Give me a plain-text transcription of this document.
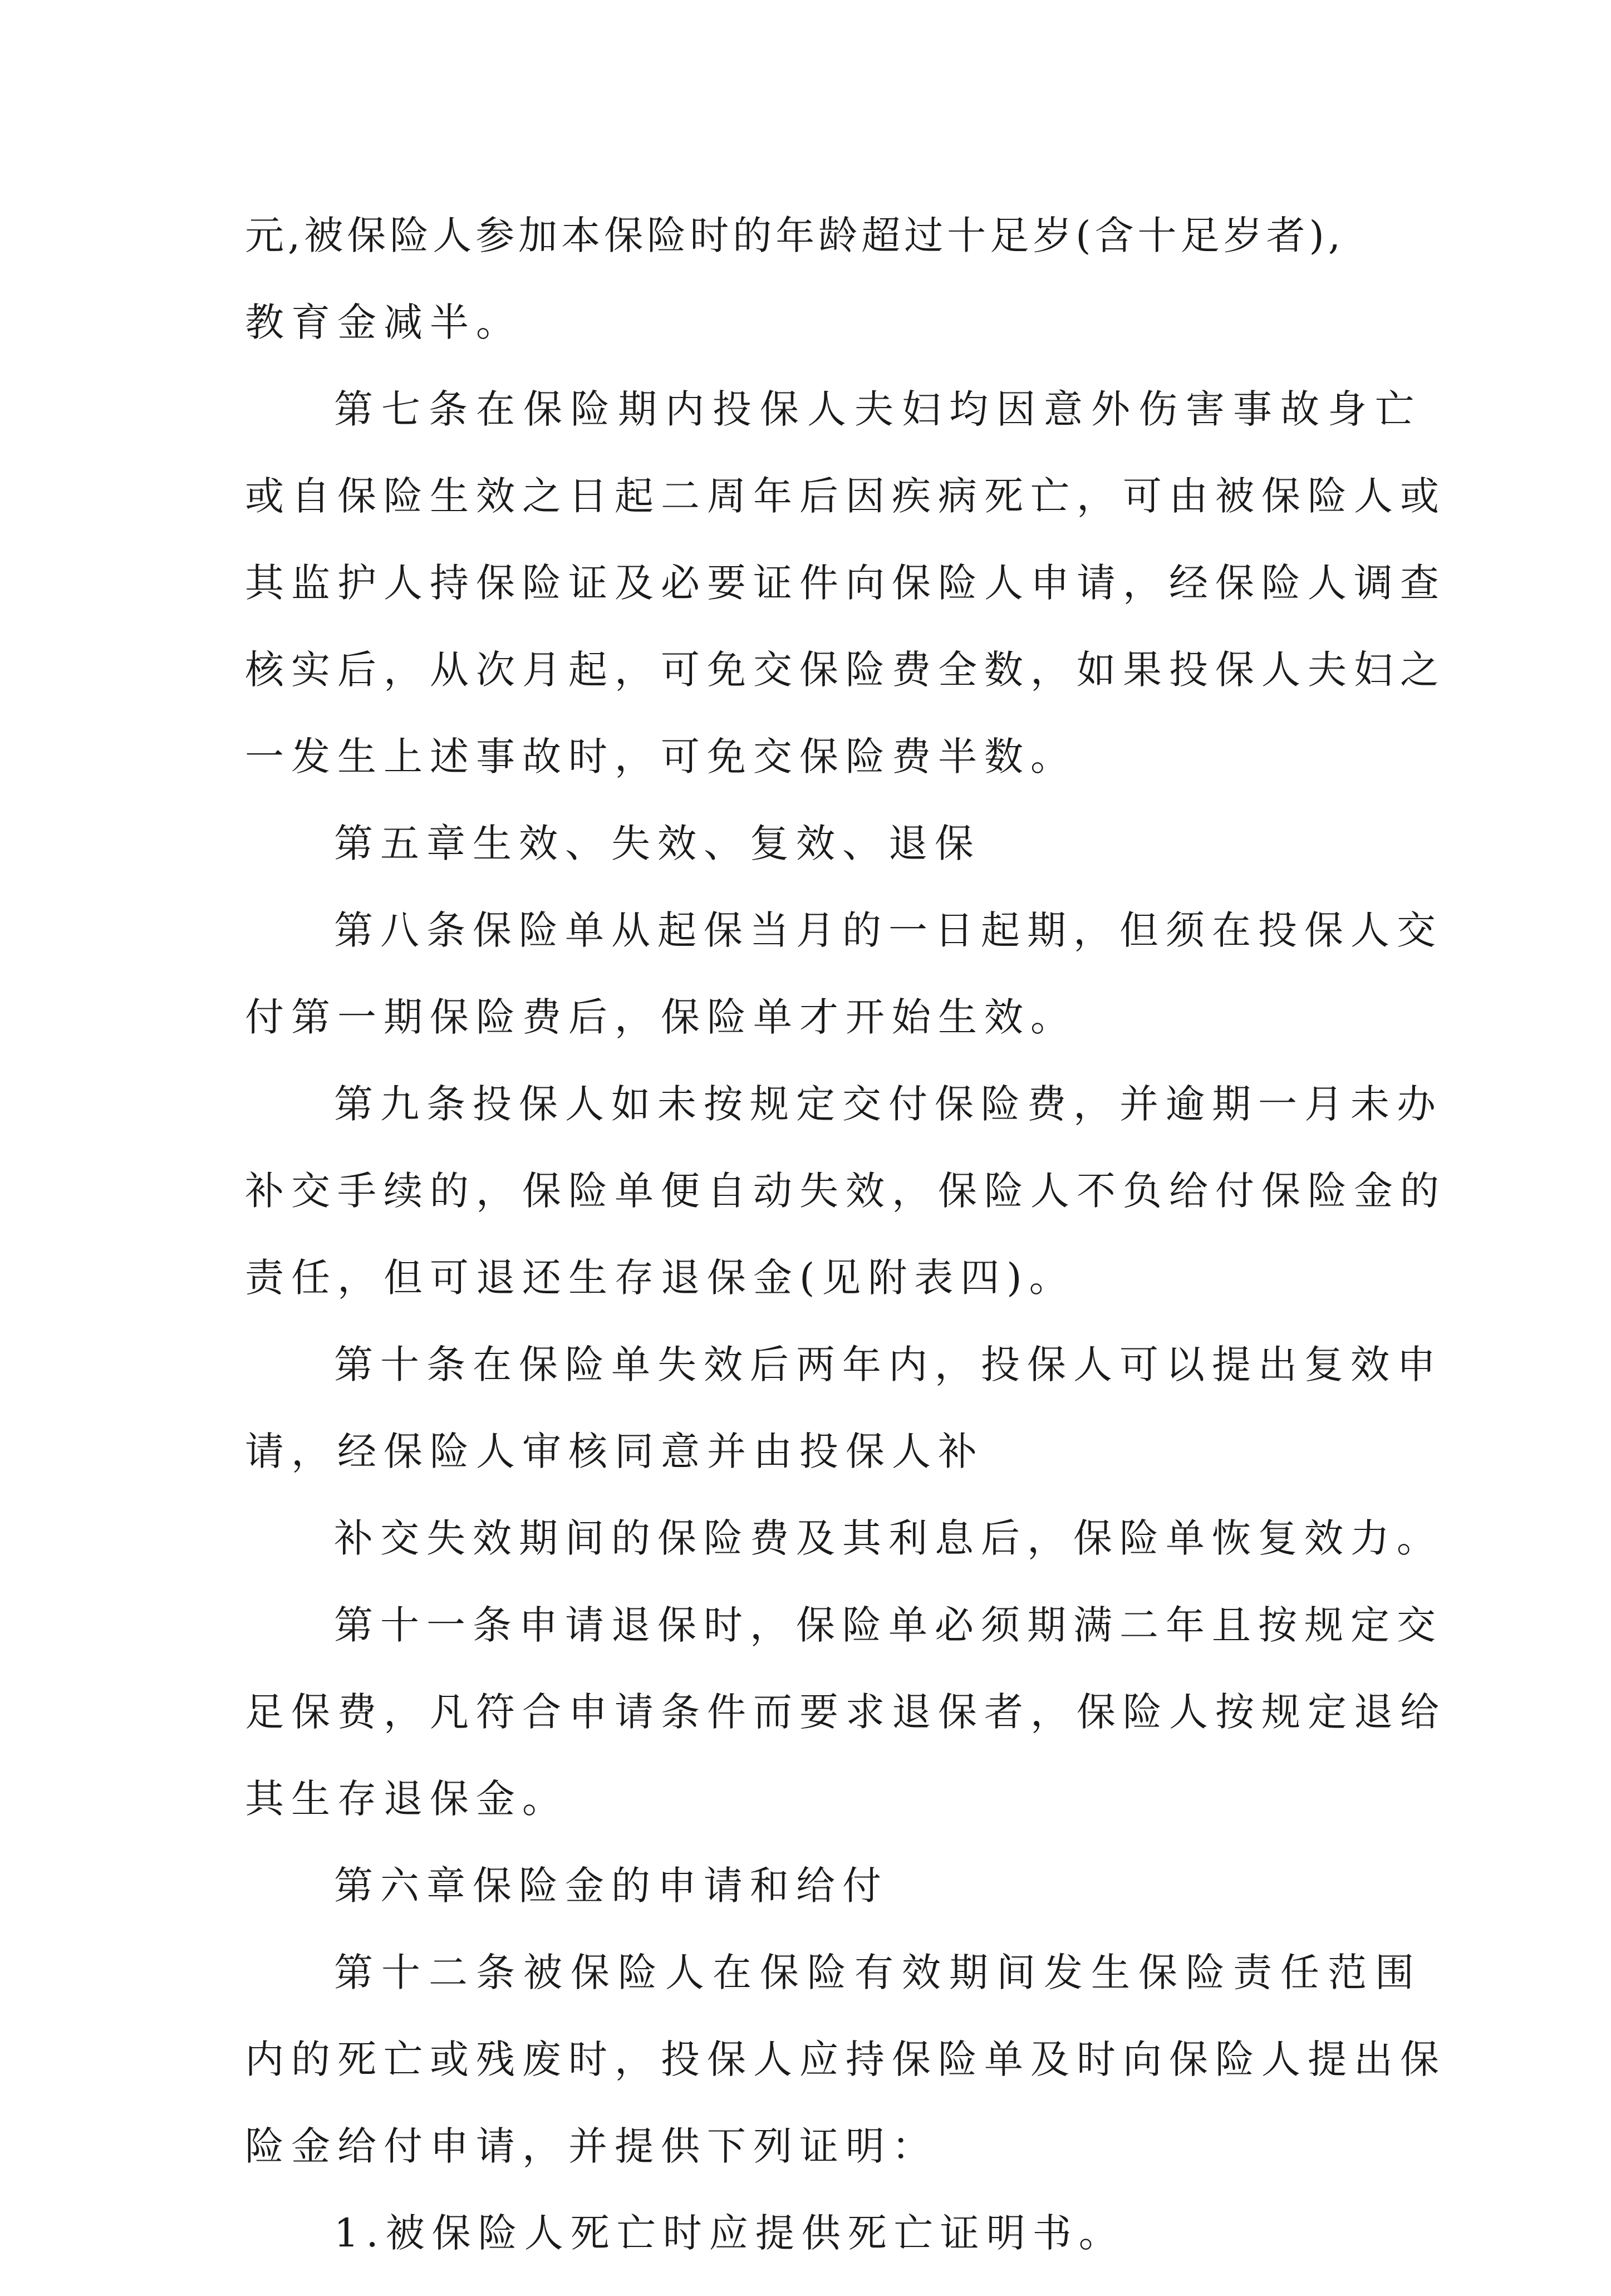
元,被保险人参加本保险时的年龄超过十足岁(含十足岁者),
教育金减半。
第七条在保险期内投保人夫妇均因意外伤害事故身亡
或自保险生效之日起二周年后因疾病死亡，可由被保险人或
其监护人持保险证及必要证件向保险人申请，经保险人调查
核实后，从次月起，可免交保险费全数，如果投保人夫妇之
一发生上述事故时，可免交保险费半数。
第五章生效、失效、复效、退保
第八条保险单从起保当月的一日起期，但须在投保人交
付第一期保险费后，保险单才开始生效。
第九条投保人如未按规定交付保险费，并逾期一月未办
补交手续的，保险单便自动失效，保险人不负给付保险金的
责任，但可退还生存退保金(见附表四)。
第十条在保险单失效后两年内，投保人可以提出复效申
请，经保险人审核同意并由投保人补
补交失效期间的保险费及其利息后，保险单恢复效力。
第十一条申请退保时，保险单必须期满二年且按规定交
足保费，凡符合申请条件而要求退保者，保险人按规定退给
其生存退保金。
第六章保险金的申请和给付
第十二条被保险人在保险有效期间发生保险责任范围
内的死亡或残废时，投保人应持保险单及时向保险人提出保
险金给付申请，并提供下列证明：
1.被保险人死亡时应提供死亡证明书。
